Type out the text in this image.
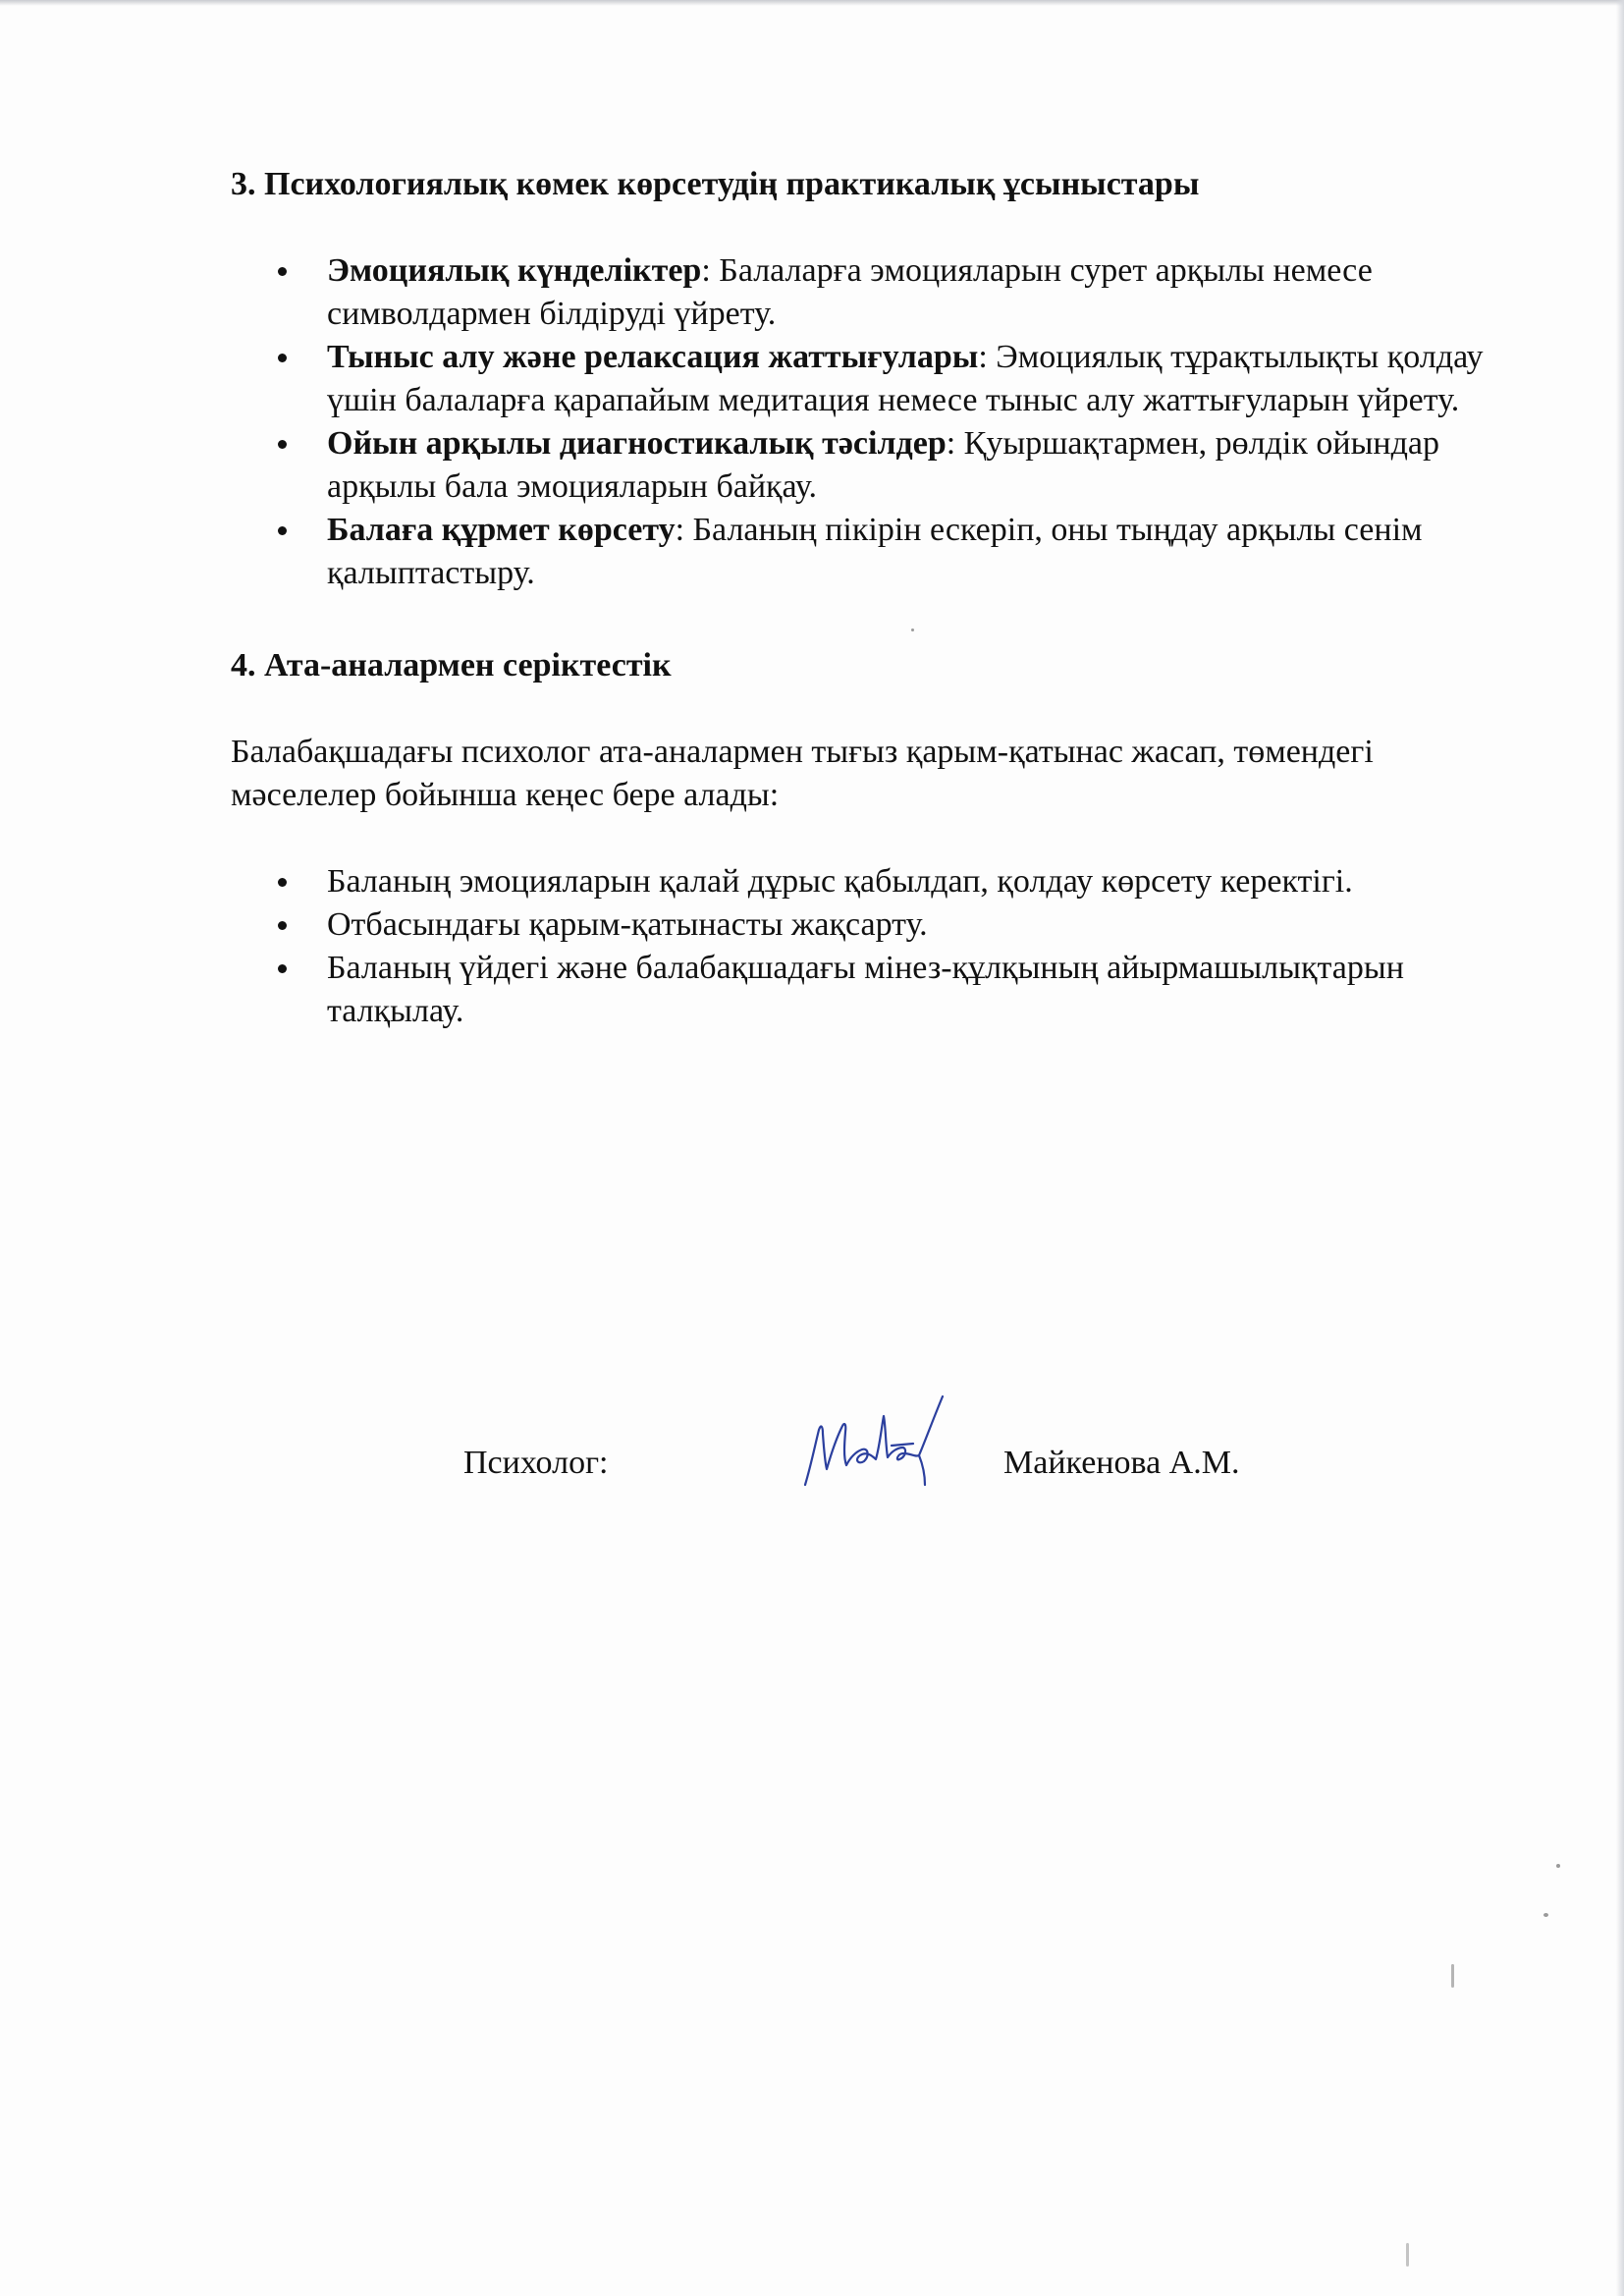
3. Психологиялық көмек көрсетудің практикалық ұсыныстары
Эмоциялық күнделіктер: Балаларға эмоцияларын сурет арқылы немесе символдармен білдіруді үйрету.
Тыныс алу және релаксация жаттығулары: Эмоциялық тұрақтылықты қолдау үшін балаларға қарапайым медитация немесе тыныс алу жаттығуларын үйрету.
Ойын арқылы диагностикалық тәсілдер: Қуыршақтармен, рөлдік ойындар арқылы бала эмоцияларын байқау.
Балаға құрмет көрсету: Баланың пікірін ескеріп, оны тыңдау арқылы сенім қалыптастыру.
4. Ата-аналармен серіктестік

Балабақшадағы психолог ата-аналармен тығыз қарым-қатынас жасап, төмендегі мәселелер бойынша кеңес бере алады:

Баланың эмоцияларын қалай дұрыс қабылдап, қолдау көрсету керектігі.
Отбасындағы қарым-қатынасты жақсарту.
Баланың үйдегі және балабақшадағы мінез-құлқының айырмашылықтарын талқылау.
Психолог:	Майкенова А.М.
